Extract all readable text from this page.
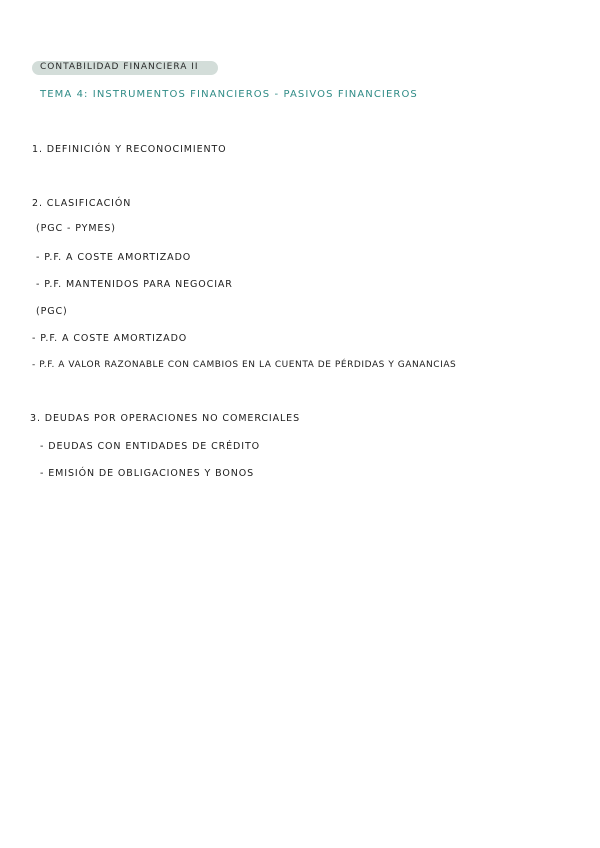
CONTABILIDAD FINANCIERA II
TEMA 4: INSTRUMENTOS FINANCIEROS - PASIVOS FINANCIEROS
1. DEFINICIÓN Y RECONOCIMIENTO
2. CLASIFICACIÓN
(PGC - PYMES)
- P.F. A COSTE AMORTIZADO
- P.F. MANTENIDOS PARA NEGOCIAR
(PGC)
- P.F. A COSTE AMORTIZADO
- P.F. A VALOR RAZONABLE CON CAMBIOS EN LA CUENTA DE PÉRDIDAS Y GANANCIAS
3. DEUDAS POR OPERACIONES NO COMERCIALES
- DEUDAS CON ENTIDADES DE CRÉDITO
- EMISIÓN DE OBLIGACIONES Y BONOS
